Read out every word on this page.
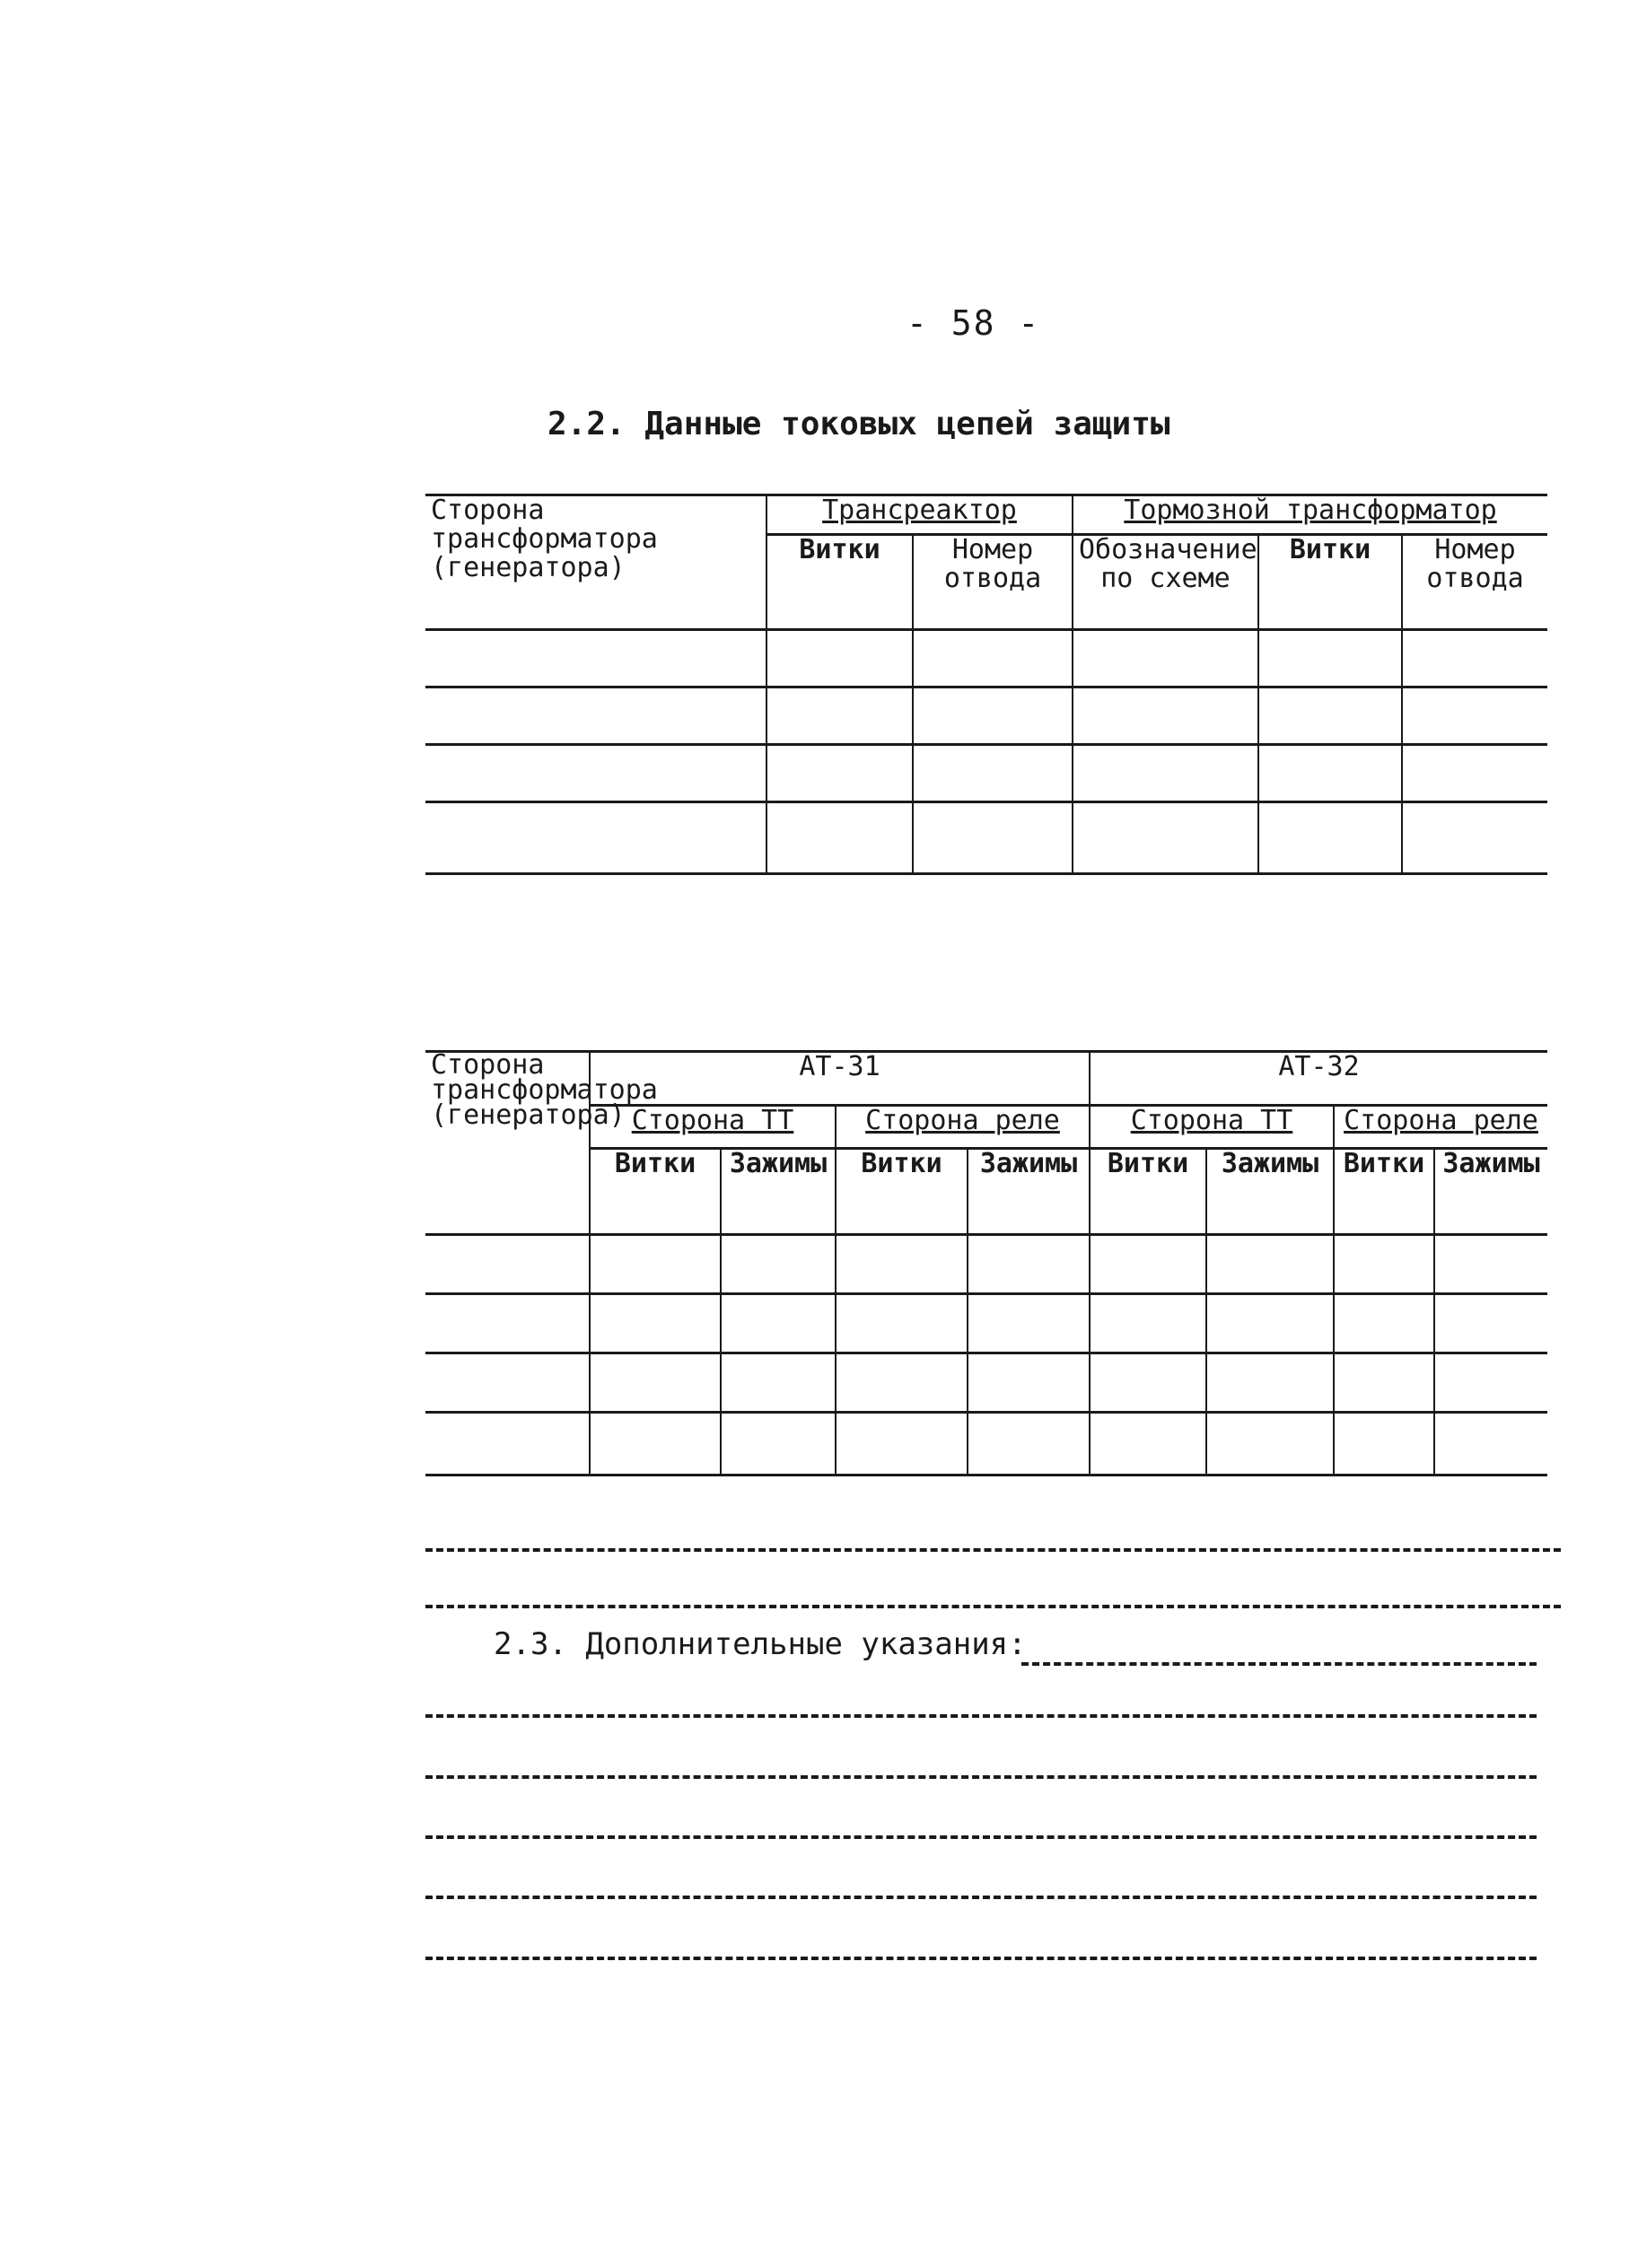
- 58 -
2.2. Данные токовых цепей защиты
Сторона трансформатора (генератора)	Трансреактор		Тормозной трансформатор		
	Витки	Номер отвода	Обозначение по схеме	Витки	Номер отвода

Сторона трансформатора (генератора)	АТ-31				АТ-32			
	Сторона ТТ		Сторона реле		Сторона ТТ		Сторона реле	
	Витки	Зажимы	Витки	Зажимы	Витки	Зажимы	Витки	Зажимы

2.3. Дополнительные указания:
